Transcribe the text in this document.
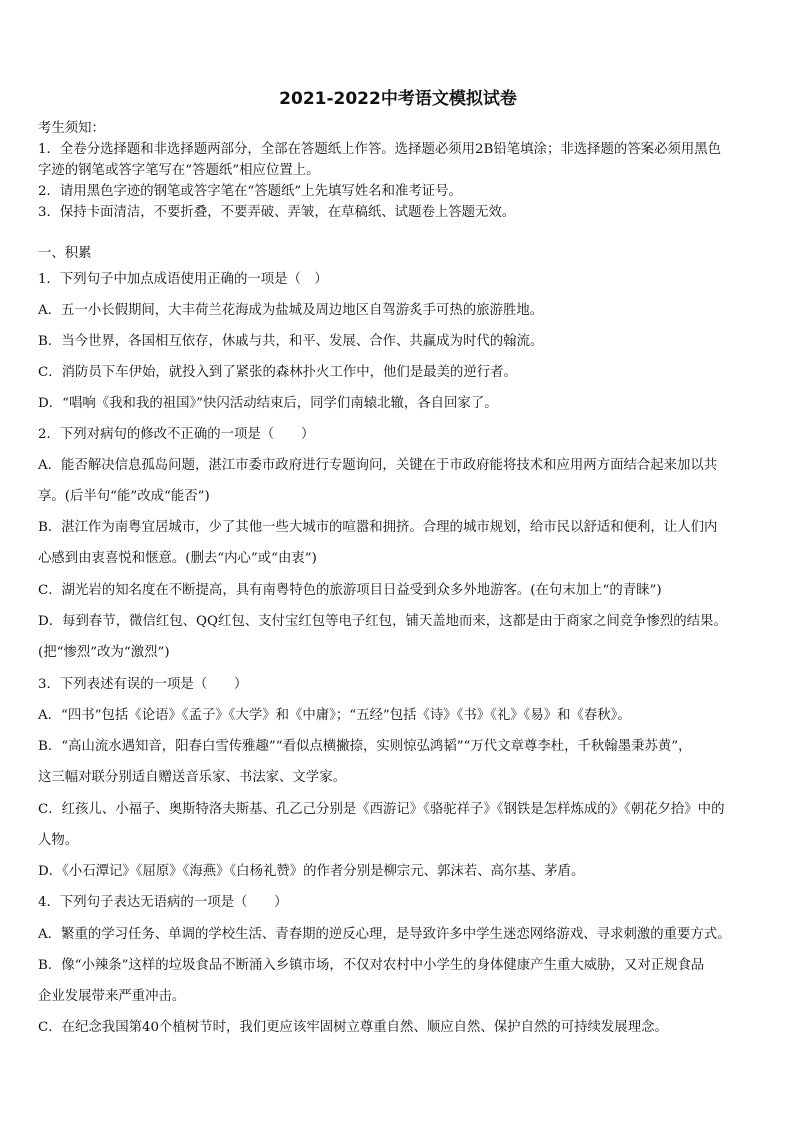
2021-2022中考语文模拟试卷
考生须知：
1．全卷分选择题和非选择题两部分，全部在答题纸上作答。选择题必须用2B铅笔填涂；非选择题的答案必须用黑色
字迹的钢笔或答字笔写在“答题纸”相应位置上。
2．请用黑色字迹的钢笔或答字笔在“答题纸”上先填写姓名和准考证号。
3．保持卡面清洁，不要折叠，不要弄破、弄皱，在草稿纸、试题卷上答题无效。
一、积累
1．下列句子中加点成语使用正确的一项是（　）
A．五一小长假期间，大丰荷兰花海成为盐城及周边地区自驾游炙手可热的旅游胜地。
B．当今世界，各国相互依存，休戚与共，和平、发展、合作、共赢成为时代的翰流。
C．消防员下车伊始，就投入到了紧张的森林扑火工作中，他们是最美的逆行者。
D．“唱响《我和我的祖国》”快闪活动结束后，同学们南辕北辙，各自回家了。
2．下列对病句的修改不正确的一项是（　　）
A．能否解决信息孤岛问题，湛江市委市政府进行专题询问，关键在于市政府能将技术和应用两方面结合起来加以共
享。(后半句“能”改成“能否”)
B．湛江作为南粤宜居城市，少了其他一些大城市的喧嚣和拥挤。合理的城市规划，给市民以舒适和便利，让人们内
心感到由衷喜悦和惬意。(删去“内心”或“由衷”)
C．湖光岩的知名度在不断提高，具有南粤特色的旅游项目日益受到众多外地游客。(在句末加上“的青睐”)
D．每到春节，微信红包、QQ红包、支付宝红包等电子红包，铺天盖地而来，这都是由于商家之间竞争惨烈的结果。
(把“惨烈”改为“激烈”)
3．下列表述有误的一项是（　　）
A．“四书”包括《论语》《孟子》《大学》和《中庸》；“五经”包括《诗》《书》《礼》《易》和《春秋》。
B．“高山流水遇知音，阳春白雪传雅趣”“看似点横撇捺，实则惊弘鸿韬”“万代文章尊李杜，千秋翰墨秉苏黄”，
这三幅对联分别适自赠送音乐家、书法家、文学家。
C．红孩儿、小福子、奥斯特洛夫斯基、孔乙己分别是《西游记》《骆驼祥子》《钢铁是怎样炼成的》《朝花夕拾》中的
人物。
D．《小石潭记》《屈原》《海燕》《白杨礼赞》的作者分别是柳宗元、郭沫若、高尔基、茅盾。
4．下列句子表达无语病的一项是（　　）
A．繁重的学习任务、单调的学校生活、青春期的逆反心理，是导致许多中学生迷恋网络游戏、寻求刺激的重要方式。
B．像“小辣条”这样的垃圾食品不断涌入乡镇市场，不仅对农村中小学生的身体健康产生重大威胁，又对正规食品
企业发展带来严重冲击。
C．在纪念我国第40个植树节时，我们更应该牢固树立尊重自然、顺应自然、保护自然的可持续发展理念。
